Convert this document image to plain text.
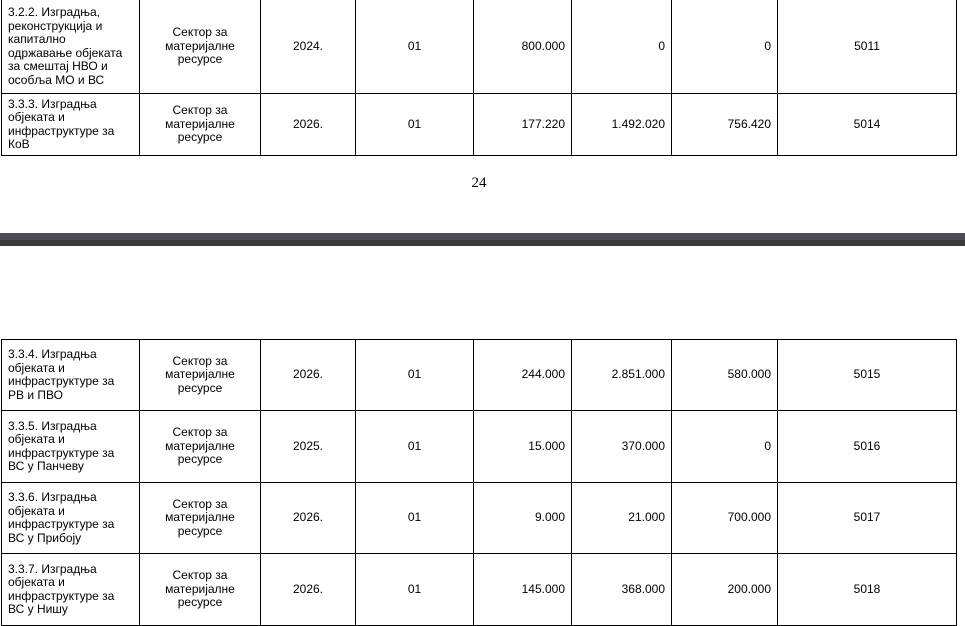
3.2.2. Изградња, реконструкција и капитално одржавање објеката за смештај НВО и особља МО и ВС	Сектор за материјалне ресурсе	2024.	01	800.000	0	0	5011
3.3.3. Изградња објеката и инфраструктуре за КоВ	Сектор за материјалне ресурсе	2026.	01	177.220	1.492.020	756.420	5014
24
3.3.4. Изградња објеката и инфраструктуре за РВ и ПВО	Сектор за материјалне ресурсе	2026.	01	244.000	2.851.000	580.000	5015
3.3.5. Изградња објеката и инфраструктуре за ВС у Панчеву	Сектор за материјалне ресурсе	2025.	01	15.000	370.000	0	5016
3.3.6. Изградња објеката и инфраструктуре за ВС у Прибоју	Сектор за материјалне ресурсе	2026.	01	9.000	21.000	700.000	5017
3.3.7. Изградња објеката и инфраструктуре за ВС у Нишу	Сектор за материјалне ресурсе	2026.	01	145.000	368.000	200.000	5018
